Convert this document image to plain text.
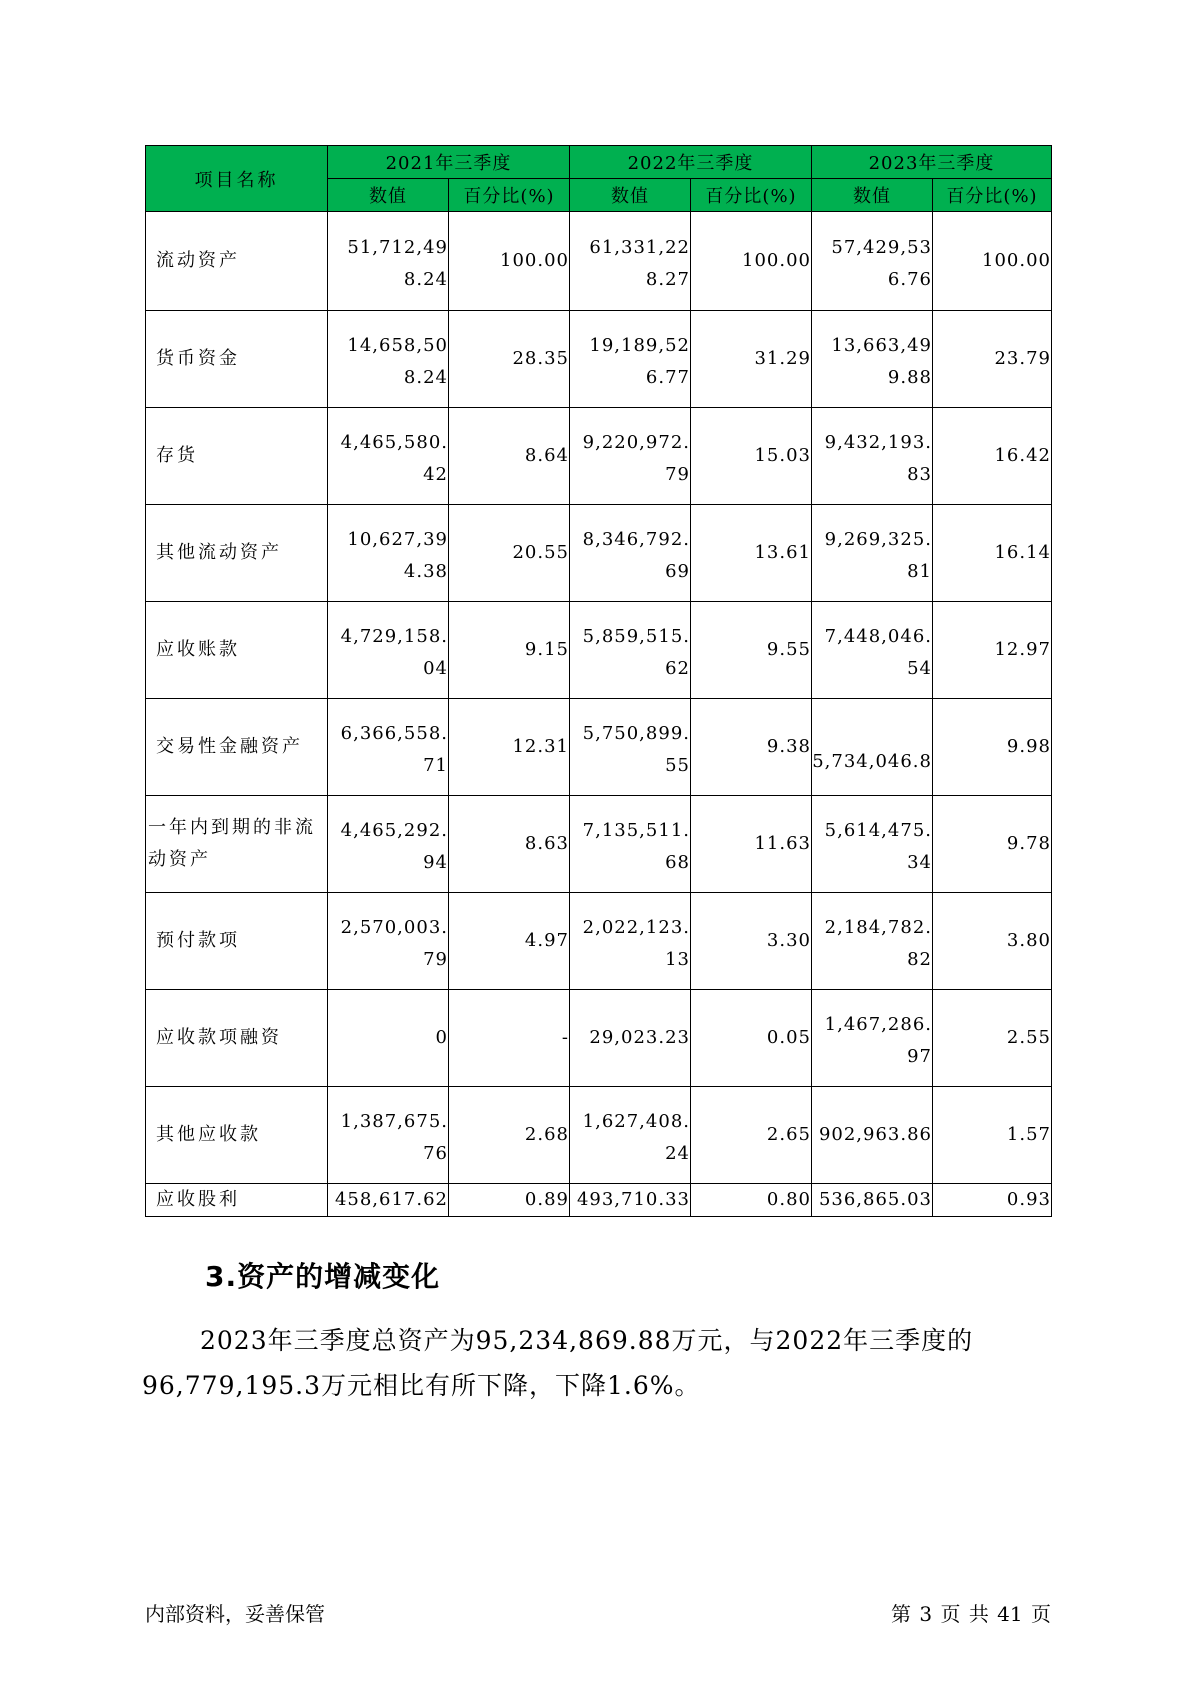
项目名称	2021年三季度		2022年三季度		2023年三季度	
	数值	百分比(%)	数值	百分比(%)	数值	百分比(%)
流动资产	51,712,498.24	100.00	61,331,228.27	100.00	57,429,536.76	100.00

货币资金	14,658,508.24	28.35	19,189,526.77	31.29	13,663,499.88	23.79

存货	4,465,580.42	8.64	9,220,972.79	15.03	9,432,193.83	16.42

其他流动资产	10,627,394.38	20.55	8,346,792.69	13.61	9,269,325.81	16.14

应收账款	4,729,158.04	9.15	5,859,515.62	9.55	7,448,046.54	12.97

交易性金融资产	6,366,558.71	12.31	5,750,899.55	9.38	5,734,046.8	9.98

一年内到期的非流动资产	4,465,292.94	8.63	7,135,511.68	11.63	5,614,475.34	9.78

预付款项	2,570,003.79	4.97	2,022,123.13	3.30	2,184,782.82	3.80

应收款项融资	0	-	29,023.23	0.05	1,467,286.97	2.55

其他应收款	1,387,675.76	2.68	1,627,408.24	2.65	902,963.86	1.57

应收股利	458,617.62	0.89	493,710.33	0.80	536,865.03	0.93
3.资产的增减变化

2023年三季度总资产为95,234,869.88万元，与2022年三季度的96,779,195.3万元相比有所下降，下降1.6%。

内部资料，妥善保管	第 3 页 共 41 页
